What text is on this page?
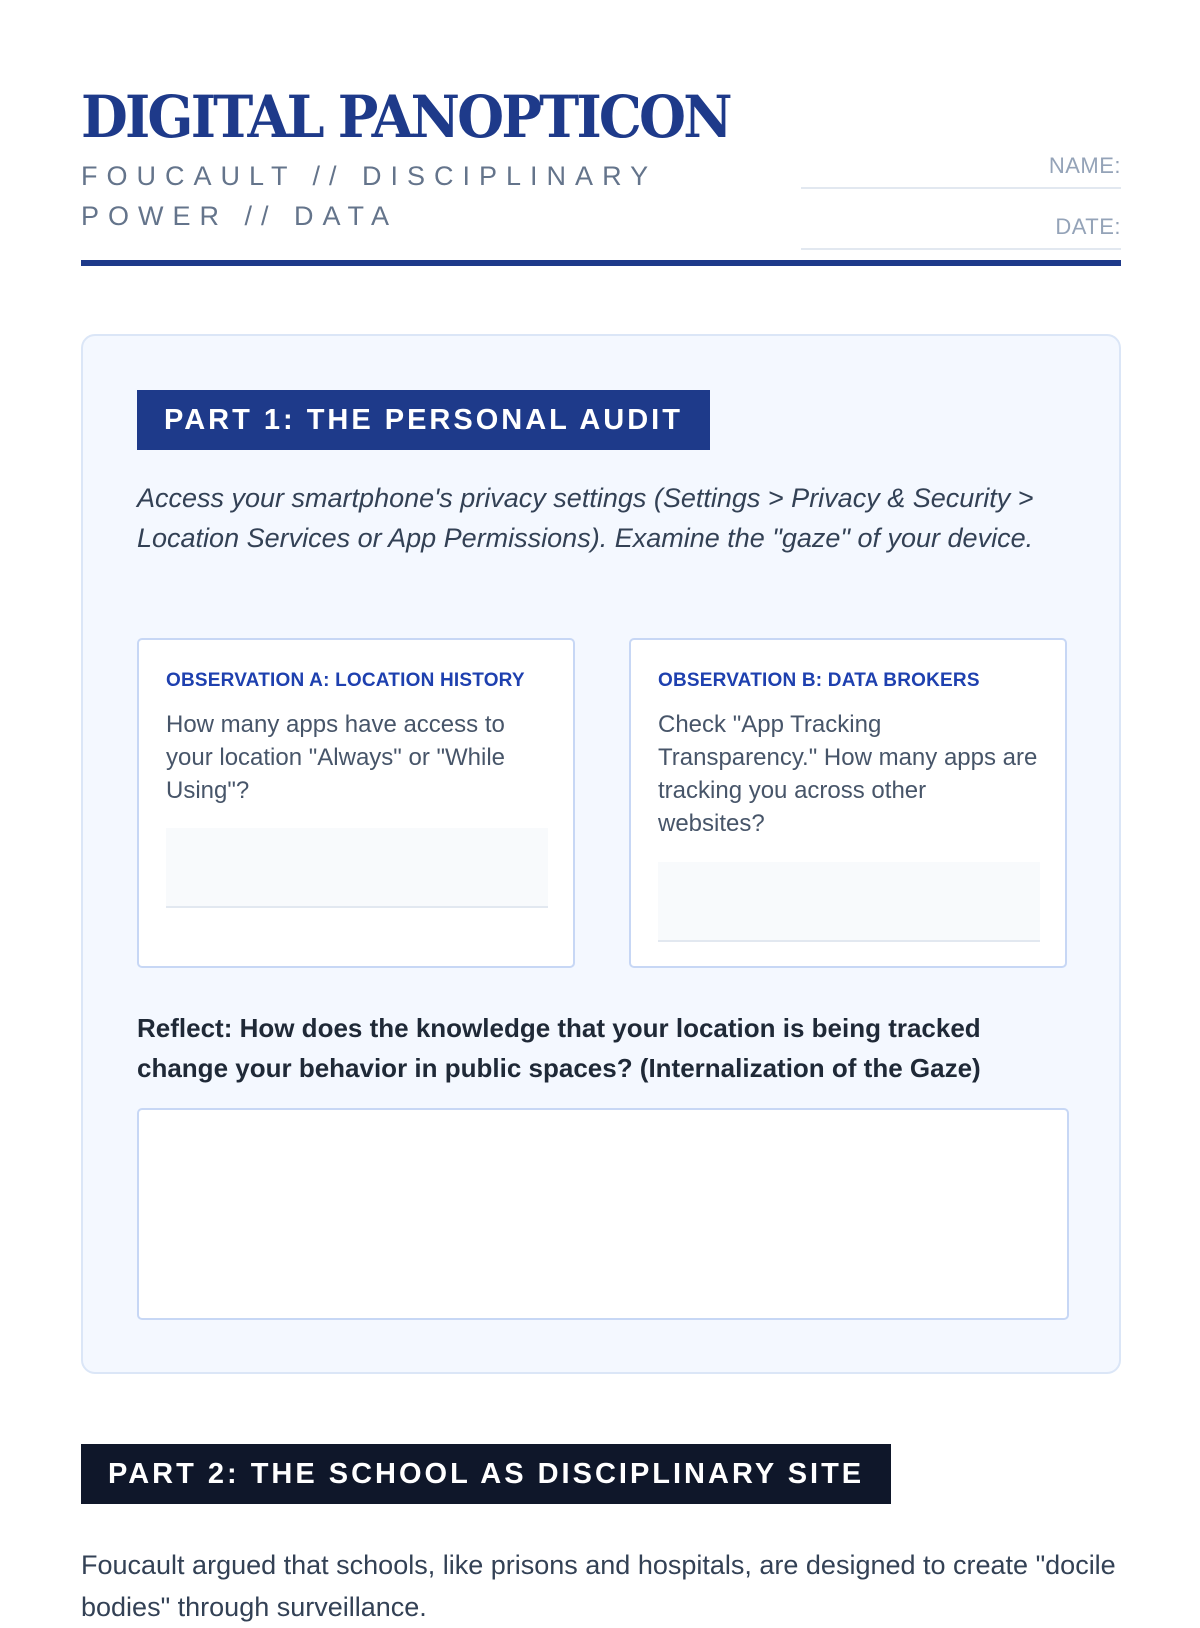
DIGITAL PANOPTICON
FOUCAULT // DISCIPLINARY POWER // DATA
NAME:
DATE:
PART 1: THE PERSONAL AUDIT
Access your smartphone's privacy settings (Settings > Privacy & Security > Location Services or App Permissions). Examine the "gaze" of your device.
OBSERVATION A: LOCATION HISTORY
How many apps have access to your location "Always" or "While Using"?
OBSERVATION B: DATA BROKERS
Check "App Tracking Transparency." How many apps are tracking you across other websites?
Reflect: How does the knowledge that your location is being tracked change your behavior in public spaces? (Internalization of the Gaze)
PART 2: THE SCHOOL AS DISCIPLINARY SITE
Foucault argued that schools, like prisons and hospitals, are designed to create "docile bodies" through surveillance.
